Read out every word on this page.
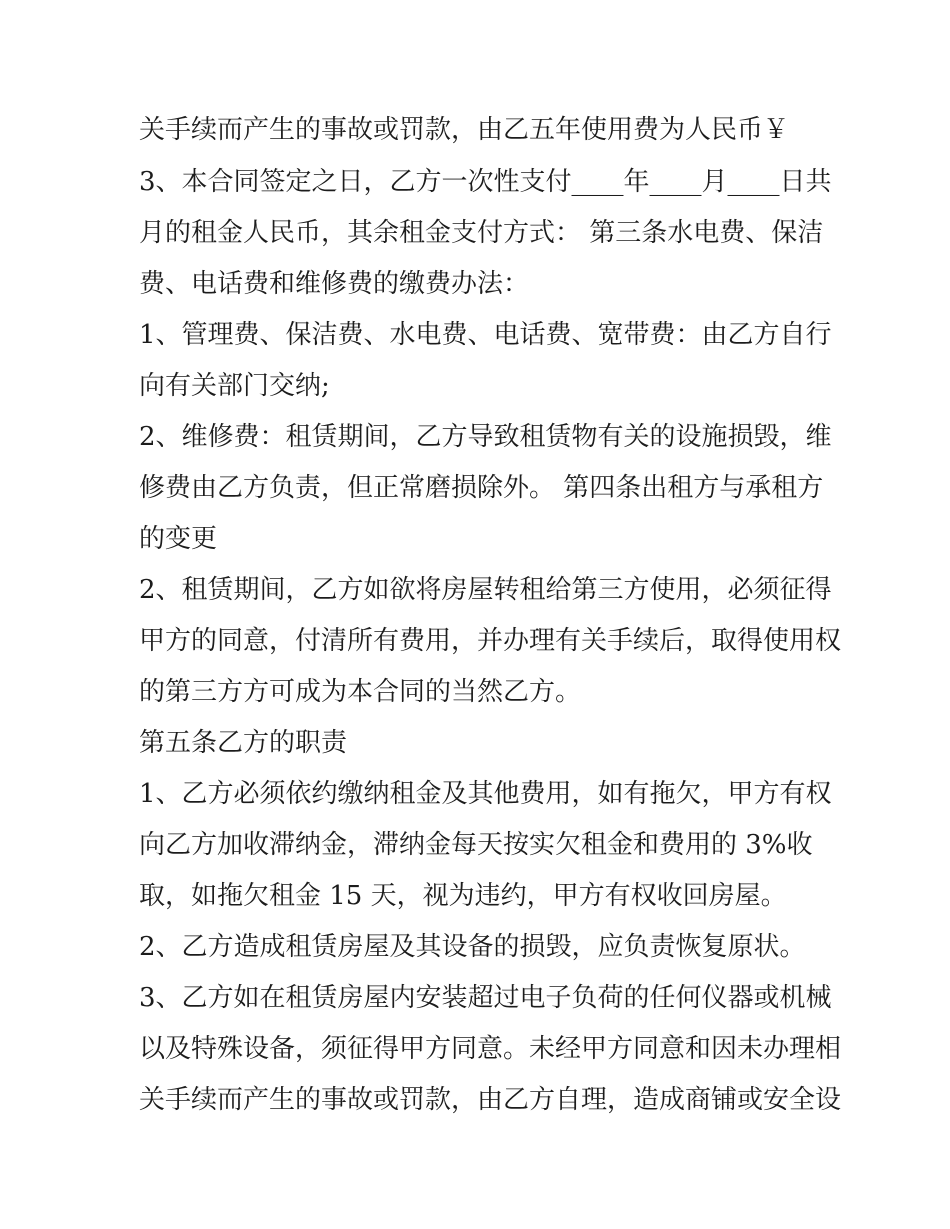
关手续而产生的事故或罚款，由乙五年使用费为人民币￥
3、本合同签定之日，乙方一次性支付____年____月____日共
月的租金人民币，其余租金支付方式： 第三条水电费、保洁
费、电话费和维修费的缴费办法：
1、管理费、保洁费、水电费、电话费、宽带费：由乙方自行
向有关部门交纳;
2、维修费：租赁期间，乙方导致租赁物有关的设施损毁，维
修费由乙方负责，但正常磨损除外。 第四条出租方与承租方
的变更
2、租赁期间，乙方如欲将房屋转租给第三方使用，必须征得
甲方的同意，付清所有费用，并办理有关手续后，取得使用权
的第三方方可成为本合同的当然乙方。
第五条乙方的职责
1、乙方必须依约缴纳租金及其他费用，如有拖欠，甲方有权
向乙方加收滞纳金，滞纳金每天按实欠租金和费用的 3%收
取，如拖欠租金 15 天，视为违约，甲方有权收回房屋。
2、乙方造成租赁房屋及其设备的损毁，应负责恢复原状。
3、乙方如在租赁房屋内安装超过电子负荷的任何仪器或机械
以及特殊设备，须征得甲方同意。未经甲方同意和因未办理相
关手续而产生的事故或罚款，由乙方自理，造成商铺或安全设
